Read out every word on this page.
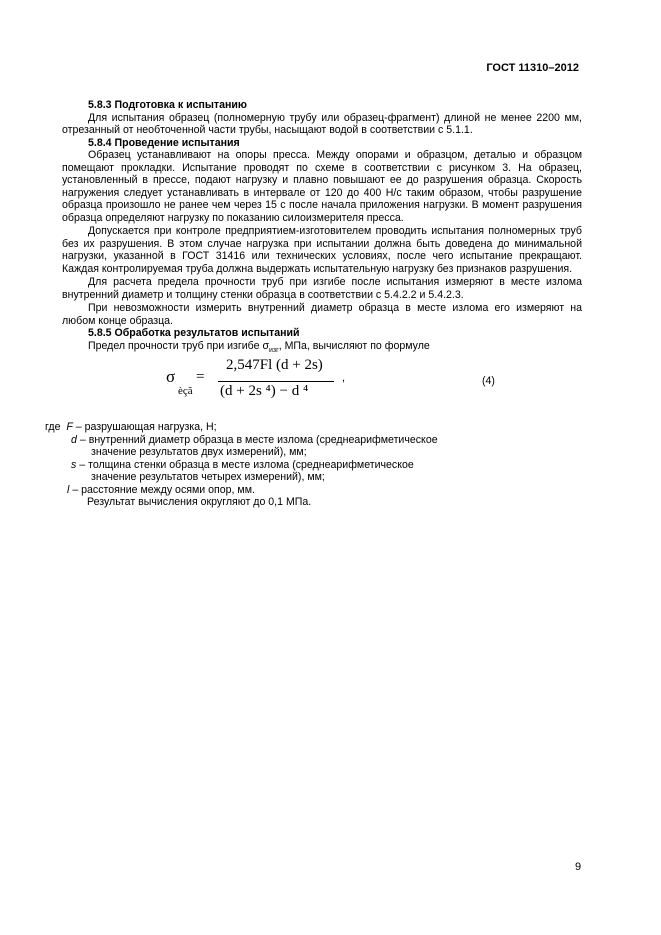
ГОСТ 11310–2012

5.8.3 Подготовка к испытанию

Для испытания образец (полномерную трубу или образец-фрагмент) длиной не менее 2200 мм, отрезанный от необточенной части трубы, насыщают водой в соответствии с 5.1.1.

5.8.4 Проведение испытания

Образец устанавливают на опоры пресса. Между опорами и образцом, деталью и образцом помещают прокладки. Испытание проводят по схеме в соответствии с рисунком 3. На образец, установленный в прессе, подают нагрузку и плавно повышают ее до разрушения образца. Скорость нагружения следует устанавливать в интервале от 120 до 400 Н/с таким образом, чтобы разрушение образца произошло не ранее чем через 15 с после начала приложения нагрузки. В момент разрушения образца определяют нагрузку по показанию силоизмерителя пресса.

Допускается при контроле предприятием-изготовителем проводить испытания полномерных труб без их разрушения. В этом случае нагрузка при испытании должна быть доведена до минимальной нагрузки, указанной в ГОСТ 31416 или технических условиях, после чего испытание прекращают. Каждая контролируемая труба должна выдержать испытательную нагрузку без признаков разрушения.

Для расчета предела прочности труб при изгибе после испытания измеряют в месте излома внутренний диаметр и толщину стенки образца в соответствии с 5.4.2.2 и 5.4.2.3.

При невозможности измерить внутренний диаметр образца в месте излома его измеряют на любом конце образца.

5.8.5 Обработка результатов испытаний

Предел прочности труб при изгибе $\sigma_{изг}$, МПа, вычисляют по формуле

σ
èçã
=
2,547Fl (d + 2s)
(d + 2s ⁴) − d ⁴
,	(4)

где F – разрушающая нагрузка, Н;

d – внутренний диаметр образца в месте излома (среднеарифметическое

значение результатов двух измерений), мм;

s – толщина стенки образца в месте излома (среднеарифметическое

значение результатов четырех измерений), мм;

l – расстояние между осями опор, мм.

Результат вычисления округляют до 0,1 МПа.

9
